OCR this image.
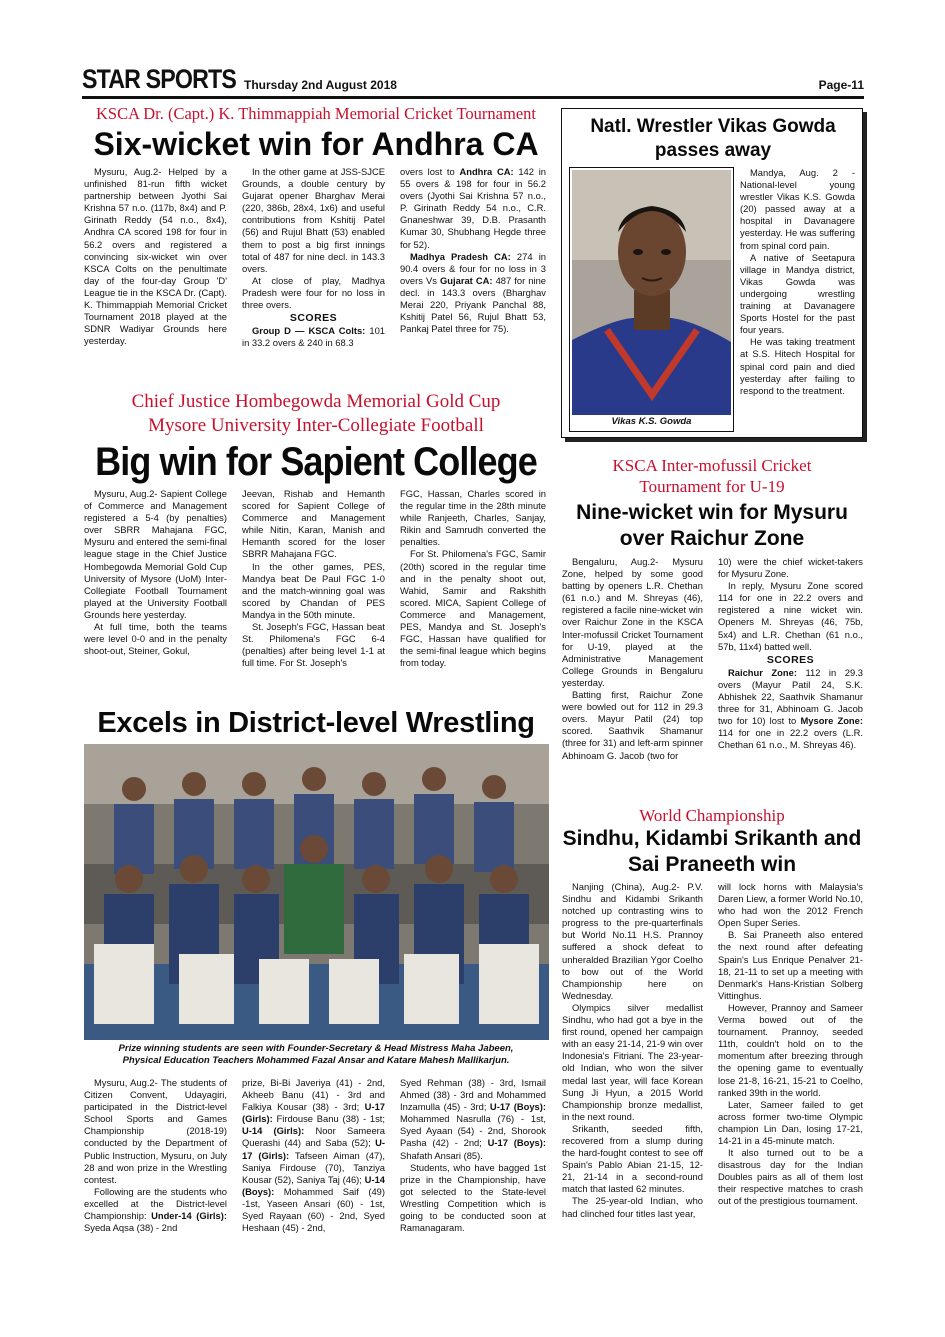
STAR SPORTS Thursday 2nd August 2018	Page-11
KSCA Dr. (Capt.) K. Thimmappiah Memorial Cricket Tournament
Six-wicket win for Andhra CA

Mysuru, Aug.2- Helped by a unfinished 81-run fifth wicket partnership between Jyothi Sai Krishna 57 n.o. (117b, 8x4) and P. Girinath Reddy (54 n.o., 8x4), Andhra CA scored 198 for four in 56.2 overs and registered a convincing six-wicket win over KSCA Colts on the penultimate day of the four-day Group 'D' League tie in the KSCA Dr. (Capt). K. Thimmappiah Memorial Cricket Tournament 2018 played at the SDNR Wadiyar Grounds here yesterday.

In the other game at JSS-SJCE Grounds, a double century by Gujarat opener Bharghav Merai (220, 386b, 28x4, 1x6) and useful contributions from Kshitij Patel (56) and Rujul Bhatt (53) enabled them to post a big first innings total of 487 for nine decl. in 143.3 overs.

At close of play, Madhya Pradesh were four for no loss in three overs.

SCORES

Group D — KSCA Colts: 101 in 33.2 overs & 240 in 68.3

overs lost to Andhra CA: 142 in 55 overs & 198 for four in 56.2 overs (Jyothi Sai Krishna 57 n.o., P. Girinath Reddy 54 n.o., C.R. Gnaneshwar 39, D.B. Prasanth Kumar 30, Shubhang Hegde three for 52).

Madhya Pradesh CA: 274 in 90.4 overs & four for no loss in 3 overs Vs Gujarat CA: 487 for nine decl. in 143.3 overs (Bharghav Merai 220, Priyank Panchal 88, Kshitij Patel 56, Rujul Bhatt 53, Pankaj Patel three for 75).

Natl. Wrestler Vikas Gowda passes away
Vikas K.S. Gowda

Mandya, Aug. 2 - National-level young wrestler Vikas K.S. Gowda (20) passed away at a hospital in Davanagere yesterday. He was suffering from spinal cord pain.

A native of Seetapura village in Mandya district, Vikas Gowda was undergoing wrestling training at Davanagere Sports Hostel for the past four years.

He was taking treatment at S.S. Hitech Hospital for spinal cord pain and died yesterday after failing to respond to the treatment.

Chief Justice Hombegowda Memorial Gold Cup
Mysore University Inter-Collegiate Football
Big win for Sapient College

Mysuru, Aug.2- Sapient College of Commerce and Management registered a 5-4 (by penalties) over SBRR Mahajana FGC, Mysuru and entered the semi-final league stage in the Chief Justice Hombegowda Memorial Gold Cup University of Mysore (UoM) Inter-Collegiate Football Tournament played at the University Football Grounds here yesterday.

At full time, both the teams were level 0-0 and in the penalty shoot-out, Steiner, Gokul,

Jeevan, Rishab and Hemanth scored for Sapient College of Commerce and Management while Nitin, Karan, Manish and Hemanth scored for the loser SBRR Mahajana FGC.

In the other games, PES, Mandya beat De Paul FGC 1-0 and the match-winning goal was scored by Chandan of PES Mandya in the 50th minute.

St. Joseph's FGC, Hassan beat St. Philomena's FGC 6-4 (penalties) after being level 1-1 at full time. For St. Joseph's

FGC, Hassan, Charles scored in the regular time in the 28th minute while Ranjeeth, Charles, Sanjay, Rikin and Samrudh converted the penalties.

For St. Philomena's FGC, Samir (20th) scored in the regular time and in the penalty shoot out, Wahid, Samir and Rakshith scored. MICA, Sapient College of Commerce and Management, PES, Mandya and St. Joseph's FGC, Hassan have qualified for the semi-final league which begins from today.

KSCA Inter-mofussil Cricket
Tournament for U-19
Nine-wicket win for Mysuru over Raichur Zone

Bengaluru, Aug.2- Mysuru Zone, helped by some good batting by openers L.R. Chethan (61 n.o.) and M. Shreyas (46), registered a facile nine-wicket win over Raichur Zone in the KSCA Inter-mofussil Cricket Tournament for U-19, played at the Administrative Management College Grounds in Bengaluru yesterday.

Batting first, Raichur Zone were bowled out for 112 in 29.3 overs. Mayur Patil (24) top scored. Saathvik Shamanur (three for 31) and left-arm spinner Abhinoam G. Jacob (two for

10) were the chief wicket-takers for Mysuru Zone.

In reply, Mysuru Zone scored 114 for one in 22.2 overs and registered a nine wicket win. Openers M. Shreyas (46, 75b, 5x4) and L.R. Chethan (61 n.o., 57b, 11x4) batted well.

SCORES

Raichur Zone: 112 in 29.3 overs (Mayur Patil 24, S.K. Abhishek 22, Saathvik Shamanur three for 31, Abhinoam G. Jacob two for 10) lost to Mysore Zone: 114 for one in 22.2 overs (L.R. Chethan 61 n.o., M. Shreyas 46).

Excels in District-level Wrestling
Prize winning students are seen with Founder-Secretary & Head Mistress Maha Jabeen,
Physical Education Teachers Mohammed Fazal Ansar and Katare Mahesh Mallikarjun.

Mysuru, Aug.2- The students of Citizen Convent, Udayagiri, participated in the District-level School Sports and Games Championship (2018-19) conducted by the Department of Public Instruction, Mysuru, on July 28 and won prize in the Wrestling contest.

Following are the students who excelled at the District-level Championship: Under-14 (Girls): Syeda Aqsa (38) - 2nd

prize, Bi-Bi Javeriya (41) - 2nd, Akheeb Banu (41) - 3rd and Falkiya Kousar (38) - 3rd; U-17 (Girls): Firdouse Banu (38) - 1st; U-14 (Girls): Noor Sameera Querashi (44) and Saba (52); U- 17 (Girls): Tafseen Aiman (47), Saniya Firdouse (70), Tanziya Kousar (52), Saniya Taj (46); U-14 (Boys): Mohammed Saif (49) -1st, Yaseen Ansari (60) - 1st, Syed Rayaan (60) - 2nd, Syed Heshaan (45) - 2nd,

Syed Rehman (38) - 3rd, Ismail Ahmed (38) - 3rd and Mohammed Inzamulla (45) - 3rd; U-17 (Boys): Mohammed Nasrulla (76) - 1st, Syed Ayaan (54) - 2nd, Shorook Pasha (42) - 2nd; U-17 (Boys): Shafath Ansari (85).

Students, who have bagged 1st prize in the Championship, have got selected to the State-level Wrestling Competition which is going to be conducted soon at Ramanagaram.

World Championship
Sindhu, Kidambi Srikanth and Sai Praneeth win

Nanjing (China), Aug.2- P.V. Sindhu and Kidambi Srikanth notched up contrasting wins to progress to the pre-quarterfinals but World No.11 H.S. Prannoy suffered a shock defeat to unheralded Brazilian Ygor Coelho to bow out of the World Championship here on Wednesday.

Olympics silver medallist Sindhu, who had got a bye in the first round, opened her campaign with an easy 21-14, 21-9 win over Indonesia's Fitriani. The 23-year-old Indian, who won the silver medal last year, will face Korean Sung Ji Hyun, a 2015 World Championship bronze medallist, in the next round.

Srikanth, seeded fifth, recovered from a slump during the hard-fought contest to see off Spain's Pablo Abian 21-15, 12-21, 21-14 in a second-round match that lasted 62 minutes.

The 25-year-old Indian, who had clinched four titles last year,

will lock horns with Malaysia's Daren Liew, a former World No.10, who had won the 2012 French Open Super Series.

B. Sai Praneeth also entered the next round after defeating Spain's Lus Enrique Penalver 21-18, 21-11 to set up a meeting with Denmark's Hans-Kristian Solberg Vittinghus.

However, Prannoy and Sameer Verma bowed out of the tournament. Prannoy, seeded 11th, couldn't hold on to the momentum after breezing through the opening game to eventually lose 21-8, 16-21, 15-21 to Coelho, ranked 39th in the world.

Later, Sameer failed to get across former two-time Olympic champion Lin Dan, losing 17-21, 14-21 in a 45-minute match.

It also turned out to be a disastrous day for the Indian Doubles pairs as all of them lost their respective matches to crash out of the prestigious tournament.
